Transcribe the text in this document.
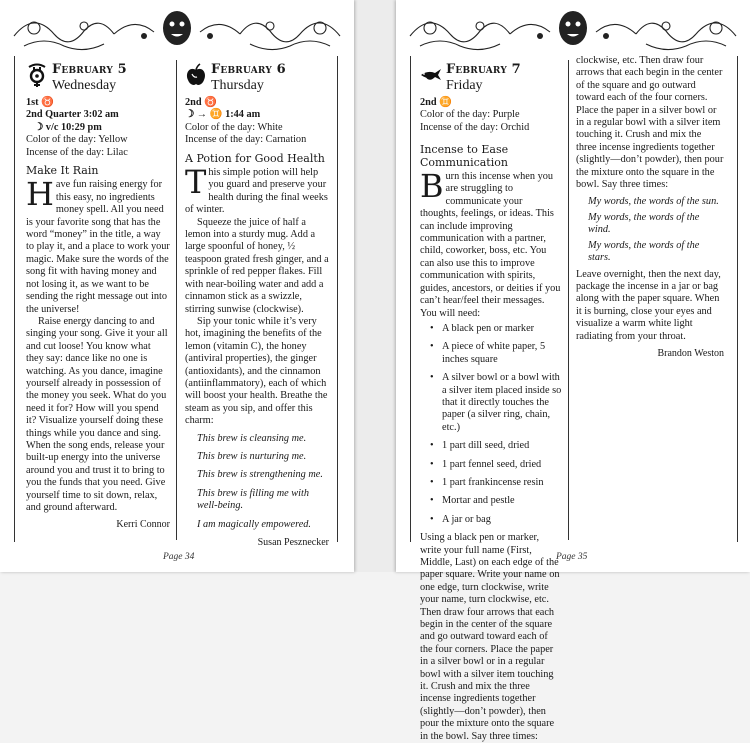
February 5
Wednesday

1st ♉

2nd Quarter 3:02 am

☽ v/c 10:29 pm

Color of the day: Yellow

Incense of the day: Lilac

Make It Rain

Have fun raising energy for this easy, no ingredients money spell. All you need is your favorite song that has the word “money” in the title, a way to play it, and a place to work your magic. Make sure the words of the song fit with having money and not losing it, as we want to be sending the right message out into the universe!

Raise energy dancing to and singing your song. Give it your all and cut loose! You know what they say: dance like no one is watching. As you dance, imagine yourself already in possession of the money you seek. What do you need it for? How will you spend it? Visualize yourself doing these things while you dance and sing. When the song ends, release your built-up energy into the universe around you and trust it to bring to you the funds that you need. Give yourself time to sit down, relax, and ground afterward.

Kerri Connor
February 6
Thursday

2nd ♉

☽ → ♊ 1:44 am

Color of the day: White

Incense of the day: Carnation

A Potion for Good Health

This simple potion will help you guard and preserve your health during the final weeks of winter.

Squeeze the juice of half a lemon into a sturdy mug. Add a large spoonful of honey, ½ teaspoon grated fresh ginger, and a sprinkle of red pepper flakes. Fill with near-boiling water and add a cinnamon stick as a swizzle, stirring sunwise (clockwise).

Sip your tonic while it’s very hot, imagining the benefits of the lemon (vitamin C), the honey (antiviral properties), the ginger (antioxidants), and the cinnamon (antiinflammatory), each of which will boost your health. Breathe the steam as you sip, and offer this charm:

This brew is cleansing me.
This brew is nurturing me.
This brew is strengthening me.
This brew is filling me with well-being.
I am magically empowered.
Susan Pesznecker
Page 34
February 7
Friday

2nd ♊

Color of the day: Purple

Incense of the day: Orchid

Incense to Ease Communication

Burn this incense when you are struggling to communicate your thoughts, feelings, or ideas. This can include improving communication with a partner, child, coworker, boss, etc. You can also use this to improve communication with spirits, guides, ancestors, or deities if you can’t hear/feel their messages. You will need:

• A black pen or marker
• A piece of white paper, 5 inches square
• A silver bowl or a bowl with a silver item placed inside so that it directly touches the paper (a silver ring, chain, etc.)
• 1 part dill seed, dried
• 1 part fennel seed, dried
• 1 part frankincense resin
• Mortar and pestle
• A jar or bag

Using a black pen or marker, write your full name (First, Middle, Last) on each edge of the paper square. Write your name on one edge, turn clockwise, write your name, turn clockwise, etc. Then draw four arrows that each begin in the center of the square and go outward toward each of the four corners. Place the paper in a silver bowl or in a regular bowl with a silver item touching it. Crush and mix the three incense ingredients together (slightly—don’t powder), then pour the mixture onto the square in the bowl. Say three times:

clockwise, etc. Then draw four arrows that each begin in the center of the square and go outward toward each of the four corners. Place the paper in a silver bowl or in a regular bowl with a silver item touching it. Crush and mix the three incense ingredients together (slightly—don’t powder), then pour the mixture onto the square in the bowl. Say three times:

My words, the words of the sun.
My words, the words of the wind.
My words, the words of the stars.

Leave overnight, then the next day, package the incense in a jar or bag along with the paper square. When it is burning, close your eyes and visualize a warm white light radiating from your throat.

Brandon Weston
Page 35
